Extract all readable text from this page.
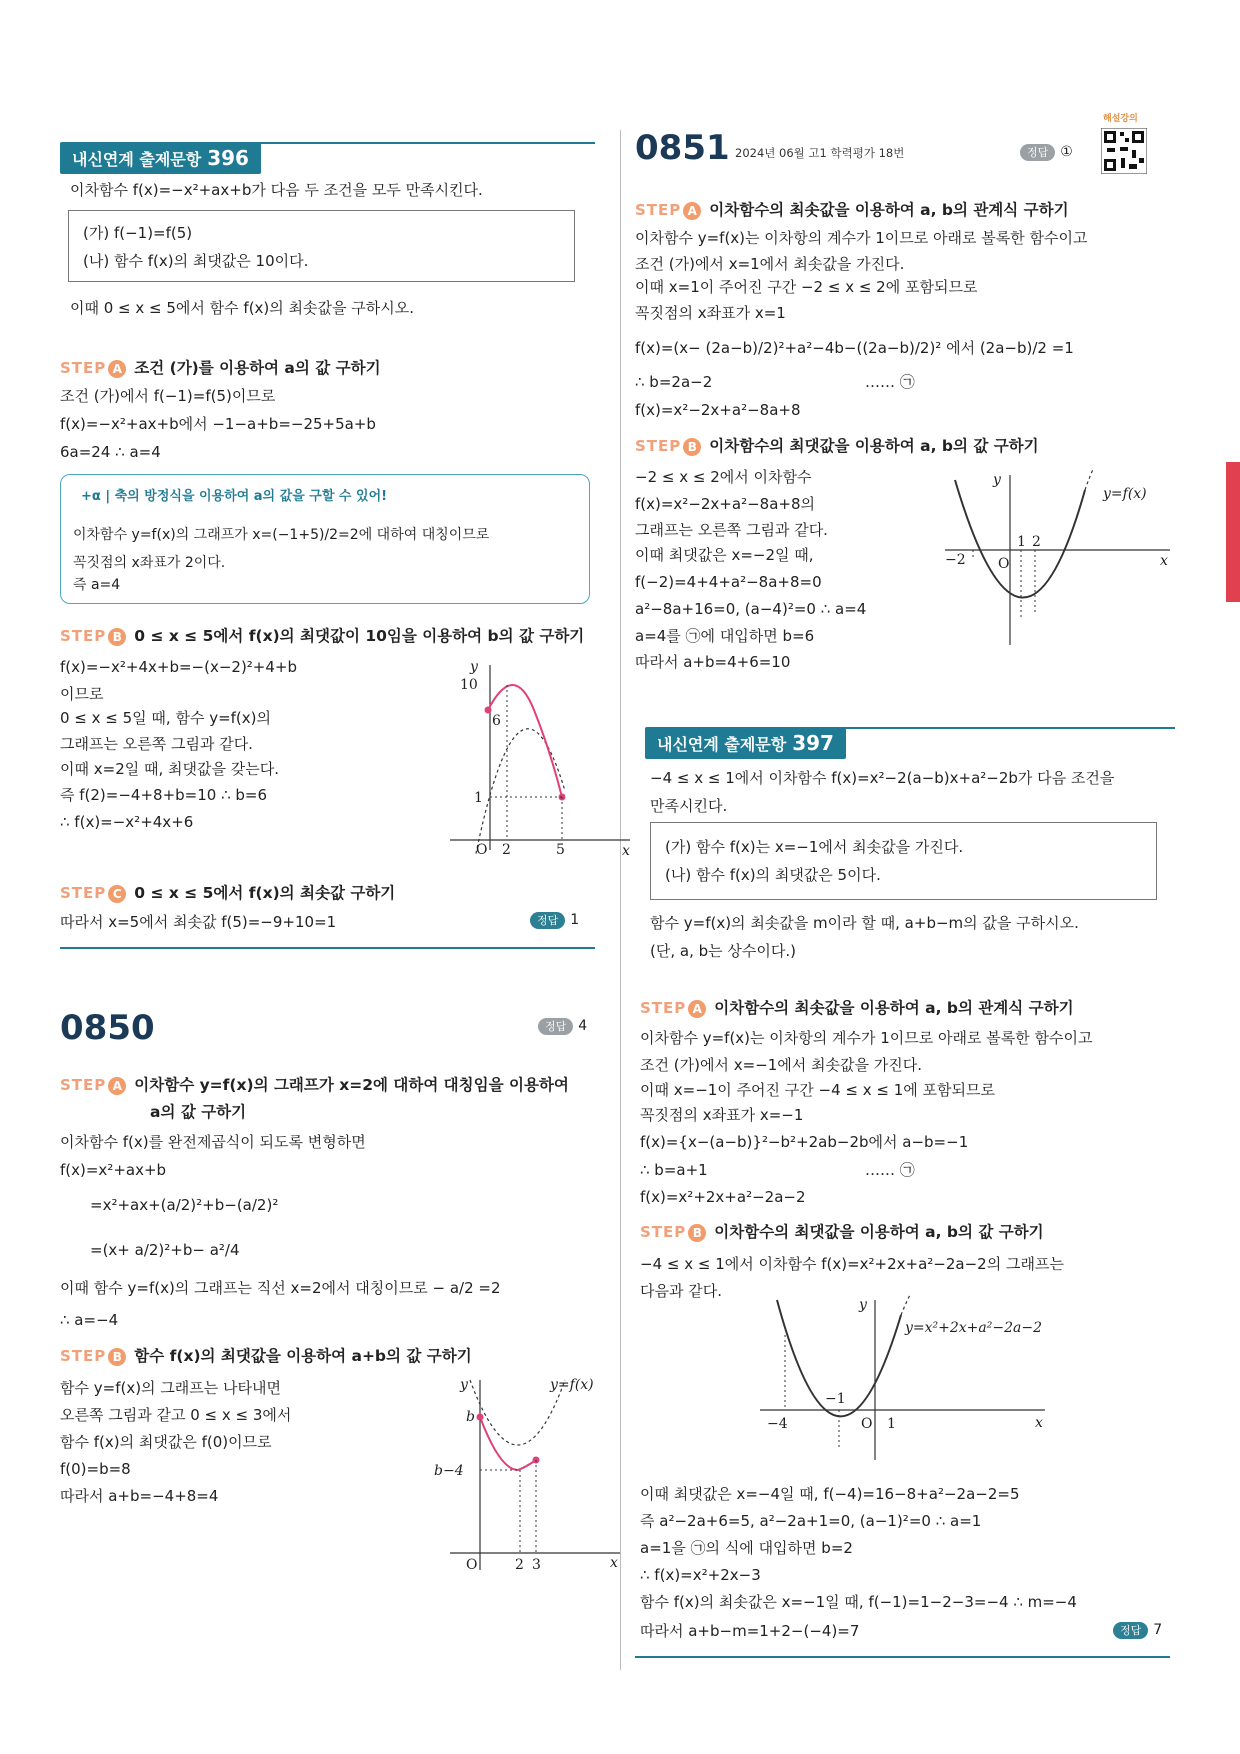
내신연계 출제문항 396
이차함수 f(x)=−x²+ax+b가 다음 두 조건을 모두 만족시킨다.
(가) f(−1)=f(5)
(나) 함수 f(x)의 최댓값은 10이다.
이때 0 ≤ x ≤ 5에서 함수 f(x)의 최솟값을 구하시오.
STEP A 조건 (가)를 이용하여 a의 값 구하기
조건 (가)에서 f(−1)=f(5)이므로
f(x)=−x²+ax+b에서 −1−a+b=−25+5a+b
6a=24 ∴ a=4
+α | 축의 방정식을 이용하여 a의 값을 구할 수 있어!
이차함수 y=f(x)의 그래프가 x=(−1+5)/2=2에 대하여 대칭이므로
꼭짓점의 x좌표가 2이다.
즉 a=4
STEP B 0 ≤ x ≤ 5에서 f(x)의 최댓값이 10임을 이용하여 b의 값 구하기
f(x)=−x²+4x+b=−(x−2)²+4+b
이므로
0 ≤ x ≤ 5일 때, 함수 y=f(x)의
그래프는 오른쪽 그림과 같다.
이때 x=2일 때, 최댓값을 갖는다.
즉 f(2)=−4+8+b=10 ∴ b=6
∴ f(x)=−x²+4x+6
y
x
O
10
6
1
2	5
STEP C 0 ≤ x ≤ 5에서 f(x)의 최솟값 구하기
따라서 x=5에서 최솟값 f(5)=−9+10=1	정답 1
0850	정답 4
STEP A 이차함수 y=f(x)의 그래프가 x=2에 대하여 대칭임을 이용하여
a의 값 구하기
이차함수 f(x)를 완전제곱식이 되도록 변형하면
f(x)=x²+ax+b
=x²+ax+(a/2)²+b−(a/2)²
=(x+ a/2)²+b− a²/4
이때 함수 y=f(x)의 그래프는 직선 x=2에서 대칭이므로 − a/2 =2
∴ a=−4
STEP B 함수 f(x)의 최댓값을 이용하여 a+b의 값 구하기
함수 y=f(x)의 그래프는 나타내면
오른쪽 그림과 같고 0 ≤ x ≤ 3에서
함수 f(x)의 최댓값은 f(0)이므로
f(0)=b=8
따라서 a+b=−4+8=4
y
x
O
y=f(x)
b
b−4
2 3
0851 2024년 06월 고1 학력평가 18번	정답 ①
해설강의
STEP A 이차함수의 최솟값을 이용하여 a, b의 관계식 구하기
이차함수 y=f(x)는 이차항의 계수가 1이므로 아래로 볼록한 함수이고
조건 (가)에서 x=1에서 최솟값을 가진다.
이때 x=1이 주어진 구간 −2 ≤ x ≤ 2에 포함되므로
꼭짓점의 x좌표가 x=1
f(x)=(x− (2a−b)/2)²+a²−4b−((2a−b)/2)² 에서 (2a−b)/2 =1
∴ b=2a−2	…… ㉠
f(x)=x²−2x+a²−8a+8
STEP B 이차함수의 최댓값을 이용하여 a, b의 값 구하기
−2 ≤ x ≤ 2에서 이차함수
f(x)=x²−2x+a²−8a+8의
그래프는 오른쪽 그림과 같다.
이때 최댓값은 x=−2일 때,
f(−2)=4+4+a²−8a+8=0
a²−8a+16=0, (a−4)²=0 ∴ a=4
a=4를 ㉠에 대입하면 b=6
따라서 a+b=4+6=10
y
x
O
y=f(x)
−2
1 2
내신연계 출제문항 397
−4 ≤ x ≤ 1에서 이차함수 f(x)=x²−2(a−b)x+a²−2b가 다음 조건을
만족시킨다.
(가) 함수 f(x)는 x=−1에서 최솟값을 가진다.
(나) 함수 f(x)의 최댓값은 5이다.
함수 y=f(x)의 최솟값을 m이라 할 때, a+b−m의 값을 구하시오.
(단, a, b는 상수이다.)
STEP A 이차함수의 최솟값을 이용하여 a, b의 관계식 구하기
이차함수 y=f(x)는 이차항의 계수가 1이므로 아래로 볼록한 함수이고
조건 (가)에서 x=−1에서 최솟값을 가진다.
이때 x=−1이 주어진 구간 −4 ≤ x ≤ 1에 포함되므로
꼭짓점의 x좌표가 x=−1
f(x)={x−(a−b)}²−b²+2ab−2b에서 a−b=−1
∴ b=a+1	…… ㉠
f(x)=x²+2x+a²−2a−2
STEP B 이차함수의 최댓값을 이용하여 a, b의 값 구하기
−4 ≤ x ≤ 1에서 이차함수 f(x)=x²+2x+a²−2a−2의 그래프는
다음과 같다.
y
x
O
y=x²+2x+a²−2a−2
−4
−1
1
이때 최댓값은 x=−4일 때, f(−4)=16−8+a²−2a−2=5
즉 a²−2a+6=5, a²−2a+1=0, (a−1)²=0 ∴ a=1
a=1을 ㉠의 식에 대입하면 b=2
∴ f(x)=x²+2x−3
함수 f(x)의 최솟값은 x=−1일 때, f(−1)=1−2−3=−4 ∴ m=−4
따라서 a+b−m=1+2−(−4)=7	정답 7
